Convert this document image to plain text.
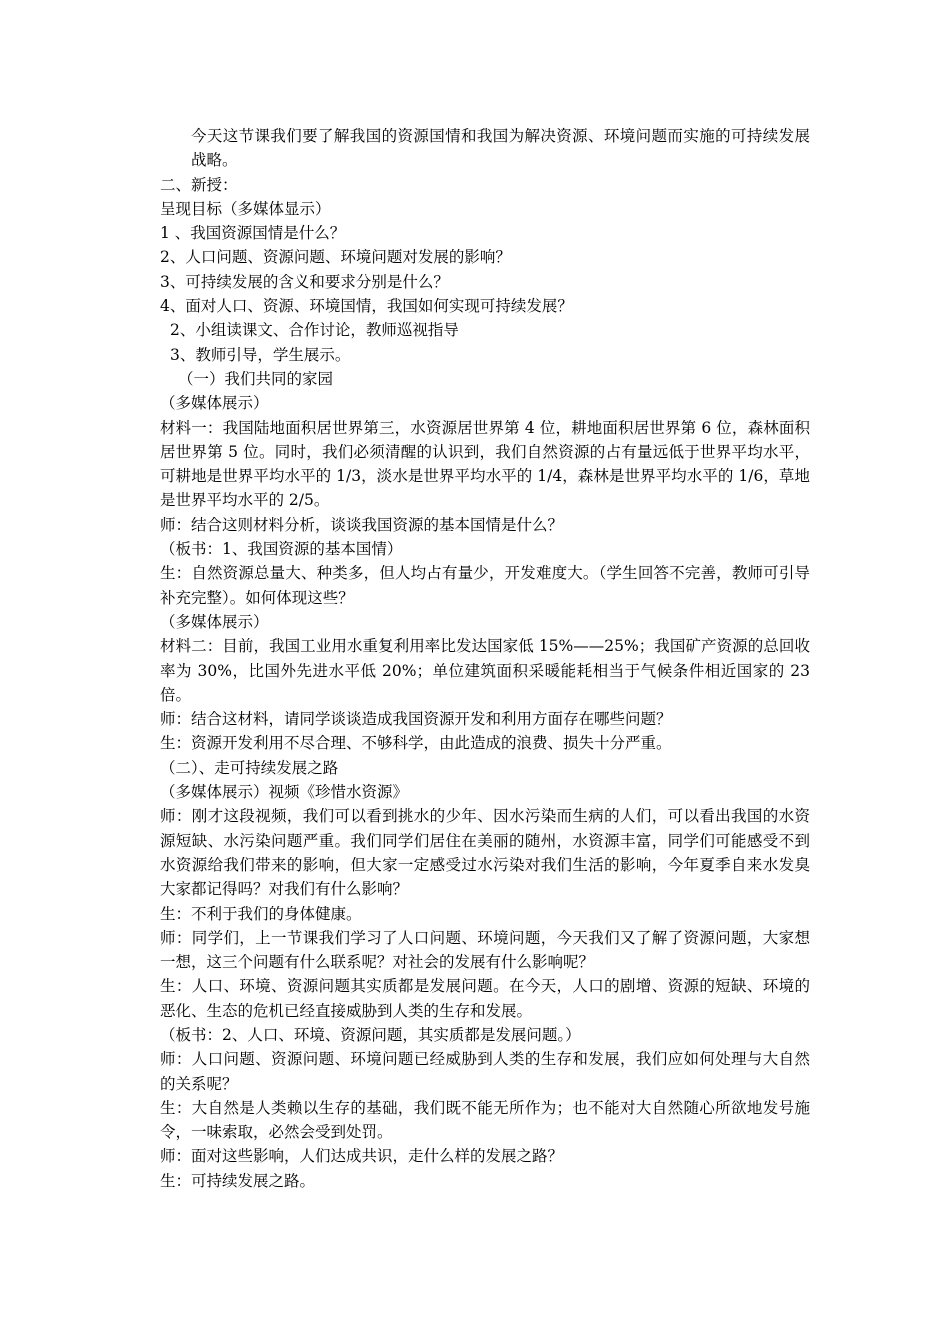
今天这节课我们要了解我国的资源国情和我国为解决资源、环境问题而实施的可持续发展战略。
二、新授：
呈现目标（多媒体显示）
1 、我国资源国情是什么？
2、人口问题、资源问题、环境问题对发展的影响？
3、可持续发展的含义和要求分别是什么？
4、面对人口、资源、环境国情，我国如何实现可持续发展？
2、小组读课文、合作讨论，教师巡视指导
3、教师引导，学生展示。
（一）我们共同的家园
（多媒体展示）
材料一：我国陆地面积居世界第三，水资源居世界第 4 位，耕地面积居世界第 6 位，森林面积居世界第 5 位。同时，我们必须清醒的认识到，我们自然资源的占有量远低于世界平均水平，可耕地是世界平均水平的 1/3，淡水是世界平均水平的 1/4，森林是世界平均水平的 1/6，草地是世界平均水平的 2/5。
师：结合这则材料分析，谈谈我国资源的基本国情是什么？
（板书：1、我国资源的基本国情）
生：自然资源总量大、种类多，但人均占有量少，开发难度大。（学生回答不完善，教师可引导补充完整）。如何体现这些？
（多媒体展示）
材料二：目前，我国工业用水重复利用率比发达国家低 15%——25%；我国矿产资源的总回收率为 30%，比国外先进水平低 20%；单位建筑面积采暖能耗相当于气候条件相近国家的 23 倍。
师：结合这材料，请同学谈谈造成我国资源开发和利用方面存在哪些问题？
生：资源开发利用不尽合理、不够科学，由此造成的浪费、损失十分严重。
（二）、走可持续发展之路
（多媒体展示）视频《珍惜水资源》
师：刚才这段视频，我们可以看到挑水的少年、因水污染而生病的人们，可以看出我国的水资源短缺、水污染问题严重。我们同学们居住在美丽的随州，水资源丰富，同学们可能感受不到水资源给我们带来的影响，但大家一定感受过水污染对我们生活的影响，今年夏季自来水发臭大家都记得吗？对我们有什么影响？
生：不利于我们的身体健康。
师：同学们，上一节课我们学习了人口问题、环境问题，今天我们又了解了资源问题，大家想一想，这三个问题有什么联系呢？对社会的发展有什么影响呢？
生：人口、环境、资源问题其实质都是发展问题。在今天，人口的剧增、资源的短缺、环境的恶化、生态的危机已经直接威胁到人类的生存和发展。
（板书：2、人口、环境、资源问题，其实质都是发展问题。）
师：人口问题、资源问题、环境问题已经威胁到人类的生存和发展，我们应如何处理与大自然的关系呢？
生：大自然是人类赖以生存的基础，我们既不能无所作为；也不能对大自然随心所欲地发号施令，一味索取，必然会受到处罚。
师：面对这些影响，人们达成共识，走什么样的发展之路？
生：可持续发展之路。
